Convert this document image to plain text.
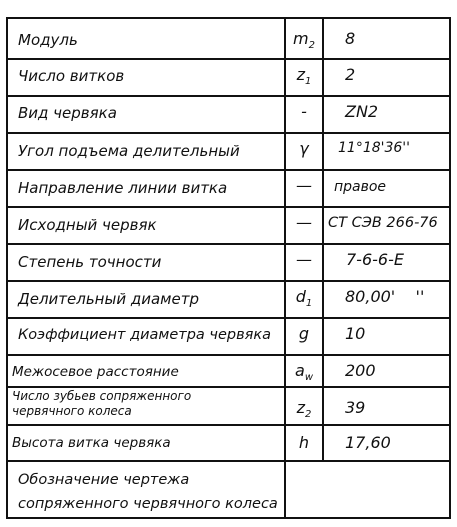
Модуль	$m_2$	8
Число витков	$z_1$	2
Вид червяка	-	ZN2
Угол подъема делительный	γ	11°18'36''
Направление линии витка	—	правое
Исходный червяк	—	СТ СЭВ 266-76
Степень точности	—	7-6-6-Е
Делительный диаметр	$d_1$	80,00'    ''
Коэффициент диаметра червяка	g	10
Межосевое расстояние	$a_w$	200
Число зубьев сопряженного
червячного колеса	$z_2$	39
Высота витка червяка	h	17,60
Обозначение чертежа
сопряженного червячного колеса
